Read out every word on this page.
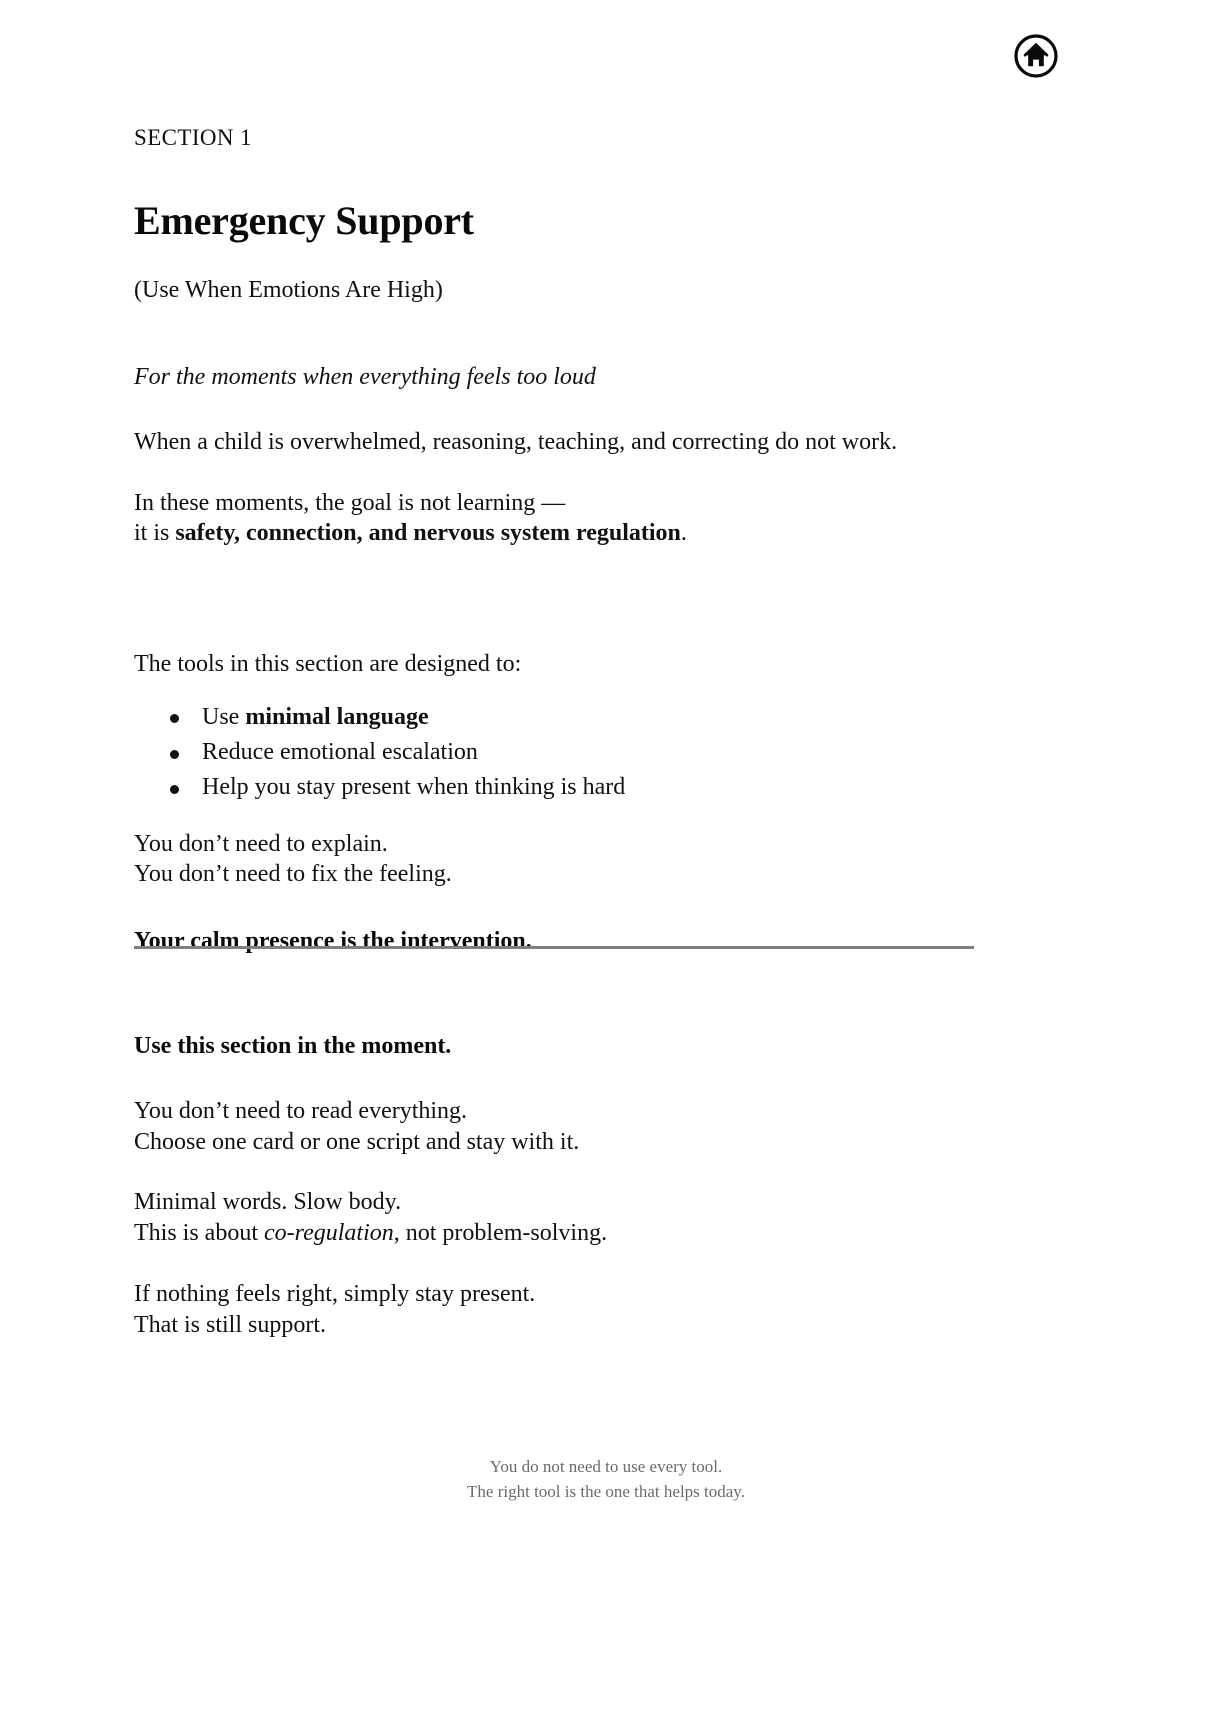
SECTION 1
Emergency Support
(Use When Emotions Are High)
For the moments when everything feels too loud

When a child is overwhelmed, reasoning, teaching, and correcting do not work.

In these moments, the goal is not learning —

it is safety, connection, and nervous system regulation.

The tools in this section are designed to:

Use minimal language
Reduce emotional escalation
Help you stay present when thinking is hard

You don’t need to explain.

You don’t need to fix the feeling.

Your calm presence is the intervention.

Use this section in the moment.

You don’t need to read everything.

Choose one card or one script and stay with it.

Minimal words. Slow body.

This is about co-regulation, not problem-solving.

If nothing feels right, simply stay present.

That is still support.

You do not need to use every tool.
The right tool is the one that helps today.
